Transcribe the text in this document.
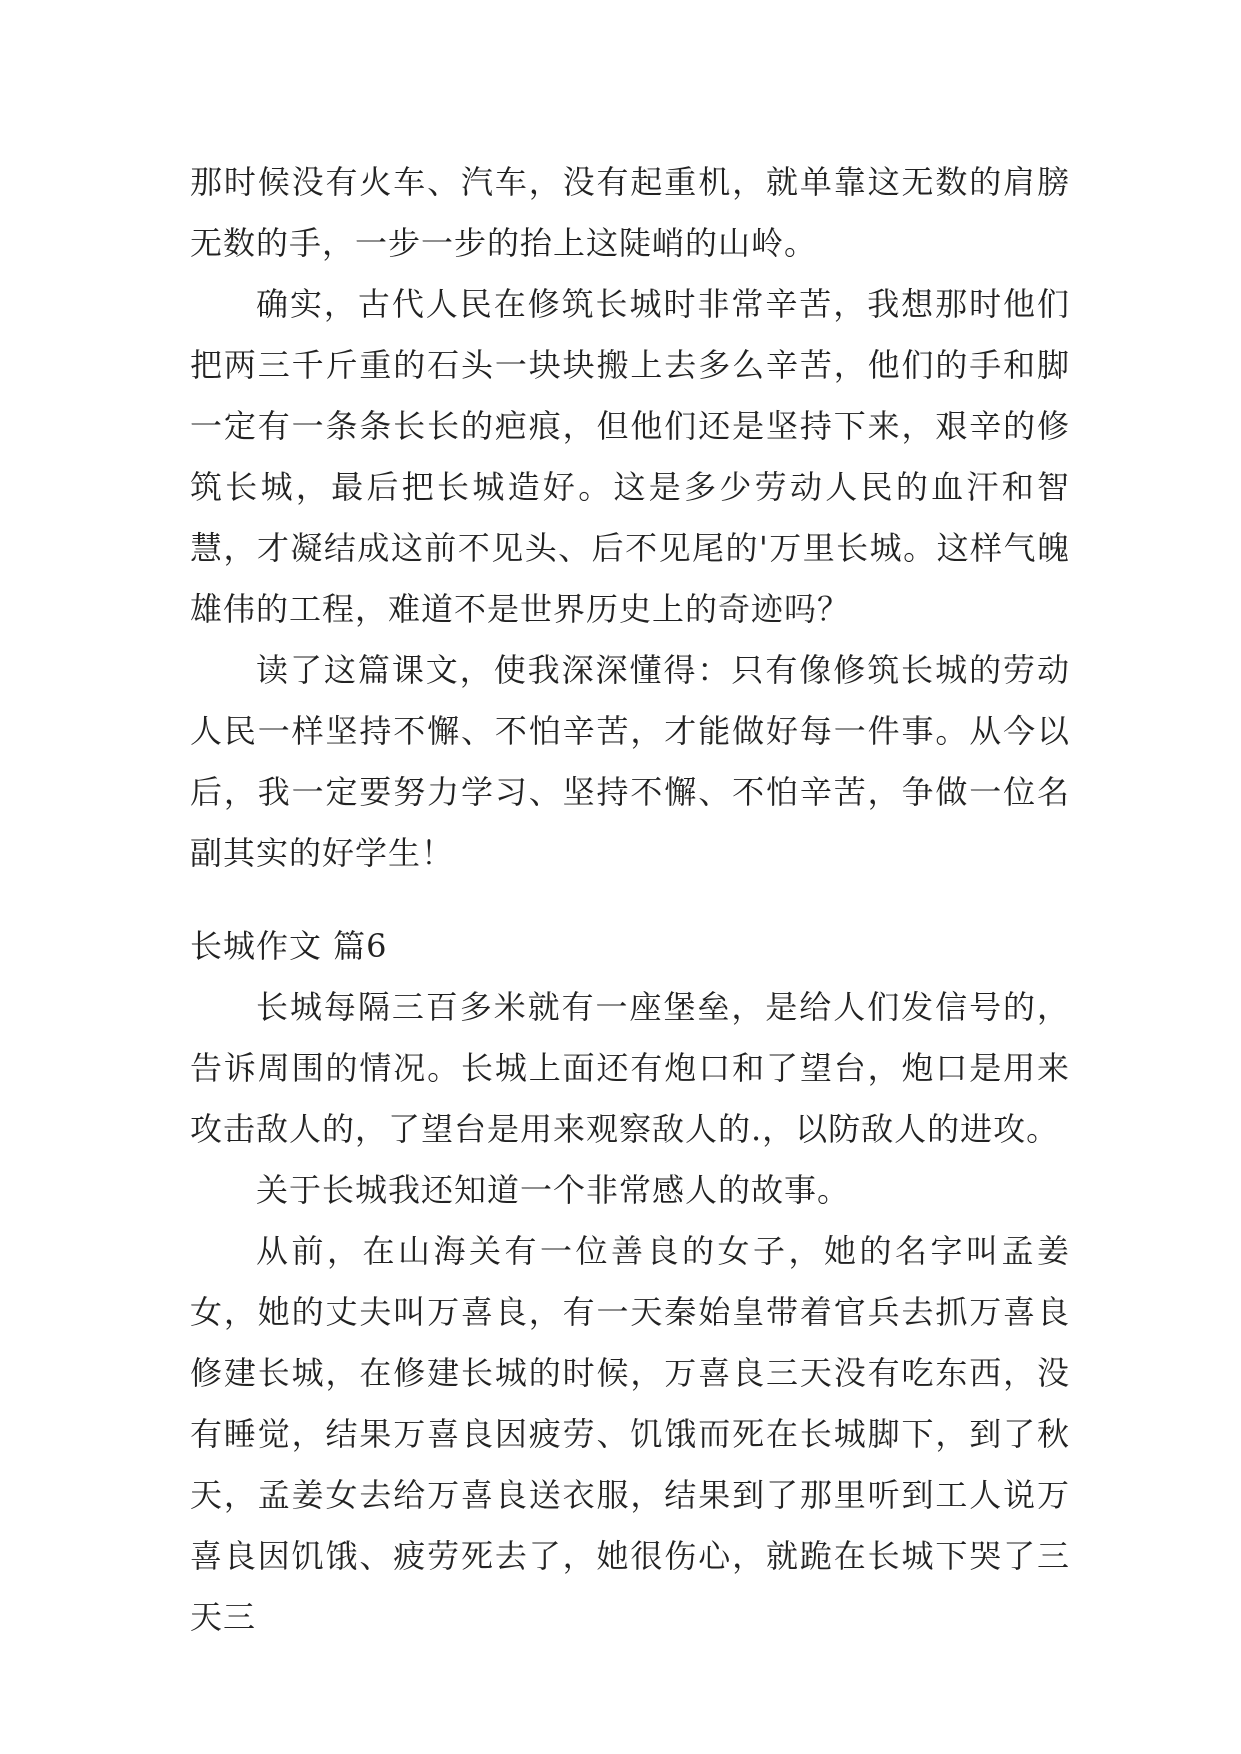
那时候没有火车、汽车，没有起重机，就单靠这无数的肩膀无数的手，一步一步的抬上这陡峭的山岭。

确实，古代人民在修筑长城时非常辛苦，我想那时他们把两三千斤重的石头一块块搬上去多么辛苦，他们的手和脚一定有一条条长长的疤痕，但他们还是坚持下来，艰辛的修筑长城，最后把长城造好。这是多少劳动人民的血汗和智慧，才凝结成这前不见头、后不见尾的'万里长城。这样气魄雄伟的工程，难道不是世界历史上的奇迹吗？

读了这篇课文，使我深深懂得：只有像修筑长城的劳动人民一样坚持不懈、不怕辛苦，才能做好每一件事。从今以后，我一定要努力学习、坚持不懈、不怕辛苦，争做一位名副其实的好学生！

长城作文 篇6

长城每隔三百多米就有一座堡垒，是给人们发信号的，告诉周围的情况。长城上面还有炮口和了望台，炮口是用来攻击敌人的，了望台是用来观察敌人的.，以防敌人的进攻。

关于长城我还知道一个非常感人的故事。

从前，在山海关有一位善良的女子，她的名字叫孟姜女，她的丈夫叫万喜良，有一天秦始皇带着官兵去抓万喜良修建长城，在修建长城的时候，万喜良三天没有吃东西，没有睡觉，结果万喜良因疲劳、饥饿而死在长城脚下，到了秋天，孟姜女去给万喜良送衣服，结果到了那里听到工人说万喜良因饥饿、疲劳死去了，她很伤心，就跪在长城下哭了三天三
